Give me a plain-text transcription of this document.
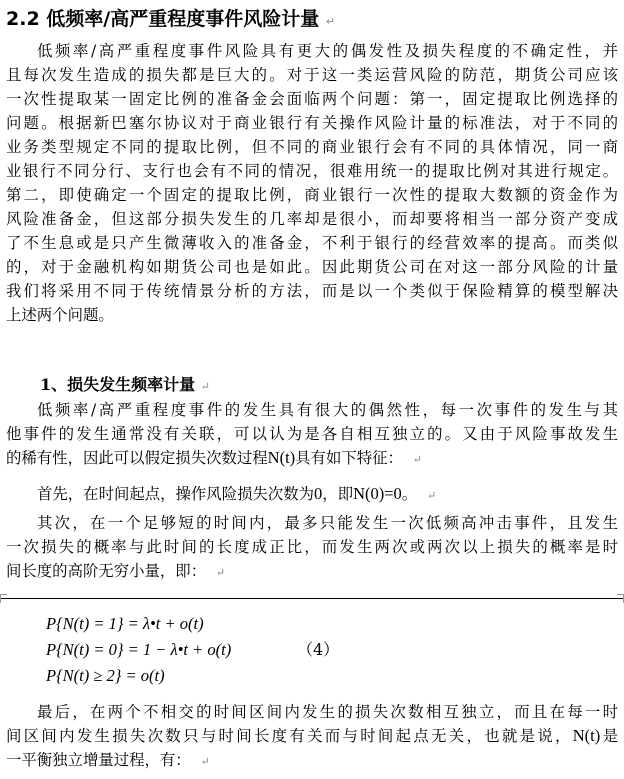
2.2 低频率/高严重程度事件风险计量 ↵
低频率/高严重程度事件风险具有更大的偶发性及损失程度的不确定性，并
且每次发生造成的损失都是巨大的。对于这一类运营风险的防范，期货公司应该
一次性提取某一固定比例的准备金会面临两个问题：第一，固定提取比例选择的
问题。根据新巴塞尔协议对于商业银行有关操作风险计量的标准法，对于不同的
业务类型规定不同的提取比例，但不同的商业银行会有不同的具体情况，同一商
业银行不同分行、支行也会有不同的情况，很难用统一的提取比例对其进行规定。
第二，即使确定一个固定的提取比例，商业银行一次性的提取大数额的资金作为
风险准备金，但这部分损失发生的几率却是很小，而却要将相当一部分资产变成
了不生息或是只产生微薄收入的准备金，不利于银行的经营效率的提高。而类似
的，对于金融机构如期货公司也是如此。因此期货公司在对这一部分风险的计量
我们将采用不同于传统情景分析的方法，而是以一个类似于保险精算的模型解决
上述两个问题。
1、损失发生频率计量 ↵
低频率/高严重程度事件的发生具有很大的偶然性，每一次事件的发生与其
他事件的发生通常没有关联，可以认为是各自相互独立的。又由于风险事故发生
的稀有性，因此可以假定损失次数过程N(t)具有如下特征： ↵
首先，在时间起点，操作风险损失次数为0，即N(0)=0。 ↵
其次，在一个足够短的时间内，最多只能发生一次低频高冲击事件，且发生
一次损失的概率与此时间的长度成正比，而发生两次或两次以上损失的概率是时
间长度的高阶无穷小量，即： ↵
P{N(t) = 1} = λ•t + o(t)
P{N(t) = 0} = 1 − λ•t + o(t)
P{N(t) ≥ 2} = o(t)
（4）
最后，在两个不相交的时间区间内发生的损失次数相互独立，而且在每一时
间区间内发生损失次数只与时间长度有关而与时间起点无关，也就是说，N(t)是
一平衡独立增量过程，有： ↵
